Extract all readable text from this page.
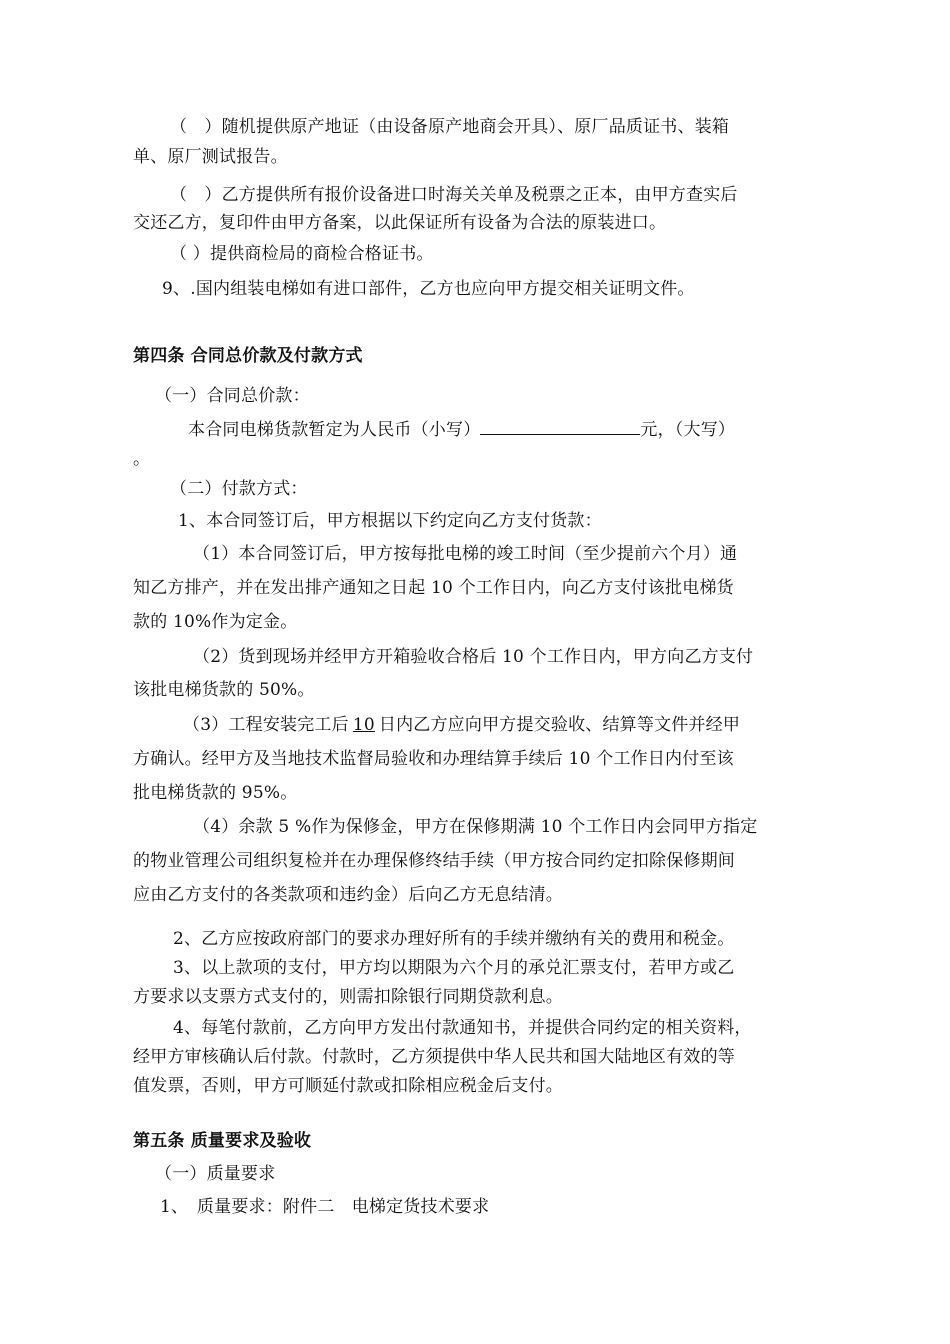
（　）随机提供原产地证（由设备原产地商会开具）、原厂品质证书、装箱
单、原厂测试报告。
（　）乙方提供所有报价设备进口时海关关单及税票之正本，由甲方查实后
交还乙方，复印件由甲方备案，以此保证所有设备为合法的原装进口。
（ ）提供商检局的商检合格证书。
9、.国内组装电梯如有进口部件，乙方也应向甲方提交相关证明文件。
第四条 合同总价款及付款方式
（一）合同总价款：
本合同电梯货款暂定为人民币（小写）	元，（大写）
。
（二）付款方式：
1、本合同签订后，甲方根据以下约定向乙方支付货款：
（1）本合同签订后，甲方按每批电梯的竣工时间（至少提前六个月）通
知乙方排产，并在发出排产通知之日起 10 个工作日内，向乙方支付该批电梯货
款的 10%作为定金。
（2）货到现场并经甲方开箱验收合格后 10 个工作日内，甲方向乙方支付
该批电梯货款的 50%。
（3）工程安装完工后 10 日内乙方应向甲方提交验收、结算等文件并经甲
方确认。经甲方及当地技术监督局验收和办理结算手续后 10 个工作日内付至该
批电梯货款的 95%。
（4）余款 5 %作为保修金，甲方在保修期满 10 个工作日内会同甲方指定
的物业管理公司组织复检并在办理保修终结手续（甲方按合同约定扣除保修期间
应由乙方支付的各类款项和违约金）后向乙方无息结清。
2、乙方应按政府部门的要求办理好所有的手续并缴纳有关的费用和税金。
3、以上款项的支付，甲方均以期限为六个月的承兑汇票支付，若甲方或乙
方要求以支票方式支付的，则需扣除银行同期贷款利息。
4、每笔付款前，乙方向甲方发出付款通知书，并提供合同约定的相关资料，
经甲方审核确认后付款。付款时，乙方须提供中华人民共和国大陆地区有效的等
值发票，否则，甲方可顺延付款或扣除相应税金后支付。
第五条 质量要求及验收
（一）质量要求
1、　质量要求：附件二　电梯定货技术要求
